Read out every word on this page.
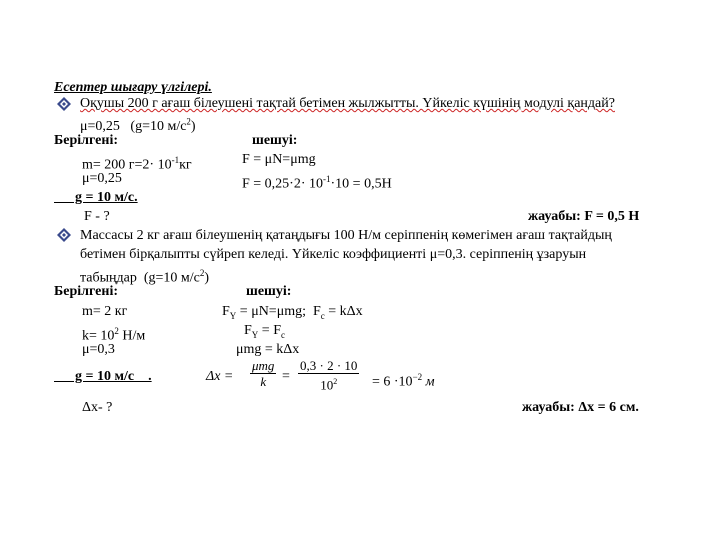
Есептер шығару үлгілері.
Оқушы 200 г ағаш білеушені тақтай бетімен жылжытты. Үйкеліс күшінің модулі қандай?
μ=0,25   (g=10 $м/с^2$)
Берілгені:	шешуі:
m= 200 $г=2\cdot 10^{-1}кг$	F = μN=μmg
μ=0,25	$F = 0,25\cdot 2\cdot 10^{-1}\cdot 10 = 0,5Н$
g = 10 м/с.
F - ?	жауабы: F = 0,5 Н
Массасы 2 кг ағаш білеушенің қатаңдығы 100 Н/м серіппенің көмегімен ағаш тақтайдың
бетімен бірқалыпты сүйреп келеді. Үйкеліс коэффициенті μ=0,3. серіппенің ұзаруын
табыңдар  (g=10 $м/с^2$)
Берілгені:	шешуі:
m= 2 кг	$F_Ү = \mu N=\mu mg$;  $F_с = k\Delta x$
$k= 10^2$ Н/м	$F_Ү = F_с$
μ=0,3	μmg = kΔx
g = 10 м/с    .	Δx =
μmg
$k = \frac{0,3 \cdot 2 \cdot 10}{10^2} = 6 \cdot 10^{-2}$ м
Δx- ?	жауабы: Δx = 6 см.
